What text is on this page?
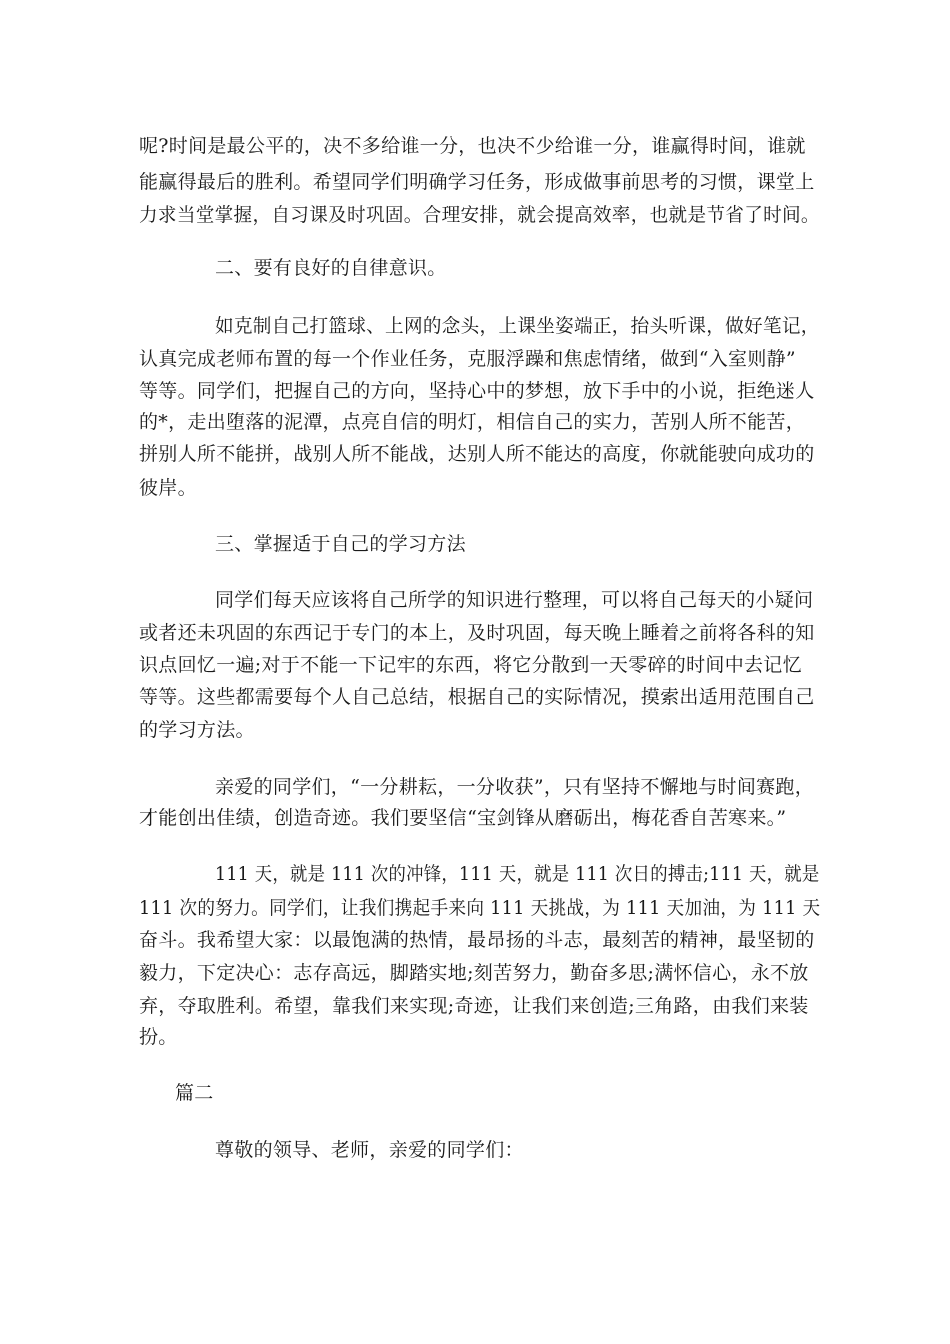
呢?时间是最公平的，决不多给谁一分，也决不少给谁一分，谁赢得时间，谁就
能赢得最后的胜利。希望同学们明确学习任务，形成做事前思考的习惯，课堂上
力求当堂掌握，自习课及时巩固。合理安排，就会提高效率，也就是节省了时间。
二、要有良好的自律意识。
如克制自己打篮球、上网的念头，上课坐姿端正，抬头听课，做好笔记，
认真完成老师布置的每一个作业任务，克服浮躁和焦虑情绪，做到“入室则静”
等等。同学们，把握自己的方向，坚持心中的梦想，放下手中的小说，拒绝迷人
的*，走出堕落的泥潭，点亮自信的明灯，相信自己的实力，苦别人所不能苦，
拼别人所不能拼，战别人所不能战，达别人所不能达的高度，你就能驶向成功的
彼岸。
三、掌握适于自己的学习方法
同学们每天应该将自己所学的知识进行整理，可以将自己每天的小疑问
或者还未巩固的东西记于专门的本上，及时巩固，每天晚上睡着之前将各科的知
识点回忆一遍;对于不能一下记牢的东西，将它分散到一天零碎的时间中去记忆
等等。这些都需要每个人自己总结，根据自己的实际情况，摸索出适用范围自己
的学习方法。
亲爱的同学们，“一分耕耘，一分收获”，只有坚持不懈地与时间赛跑，
才能创出佳绩，创造奇迹。我们要坚信“宝剑锋从磨砺出，梅花香自苦寒来。”
111 天，就是 111 次的冲锋，111 天，就是 111 次日的搏击;111 天，就是
111 次的努力。同学们，让我们携起手来向 111 天挑战，为 111 天加油，为 111 天
奋斗。我希望大家：以最饱满的热情，最昂扬的斗志，最刻苦的精神，最坚韧的
毅力，下定决心：志存高远，脚踏实地;刻苦努力，勤奋多思;满怀信心，永不放
弃，夺取胜利。希望，靠我们来实现;奇迹，让我们来创造;三角路，由我们来装
扮。
篇二
尊敬的领导、老师，亲爱的同学们：
